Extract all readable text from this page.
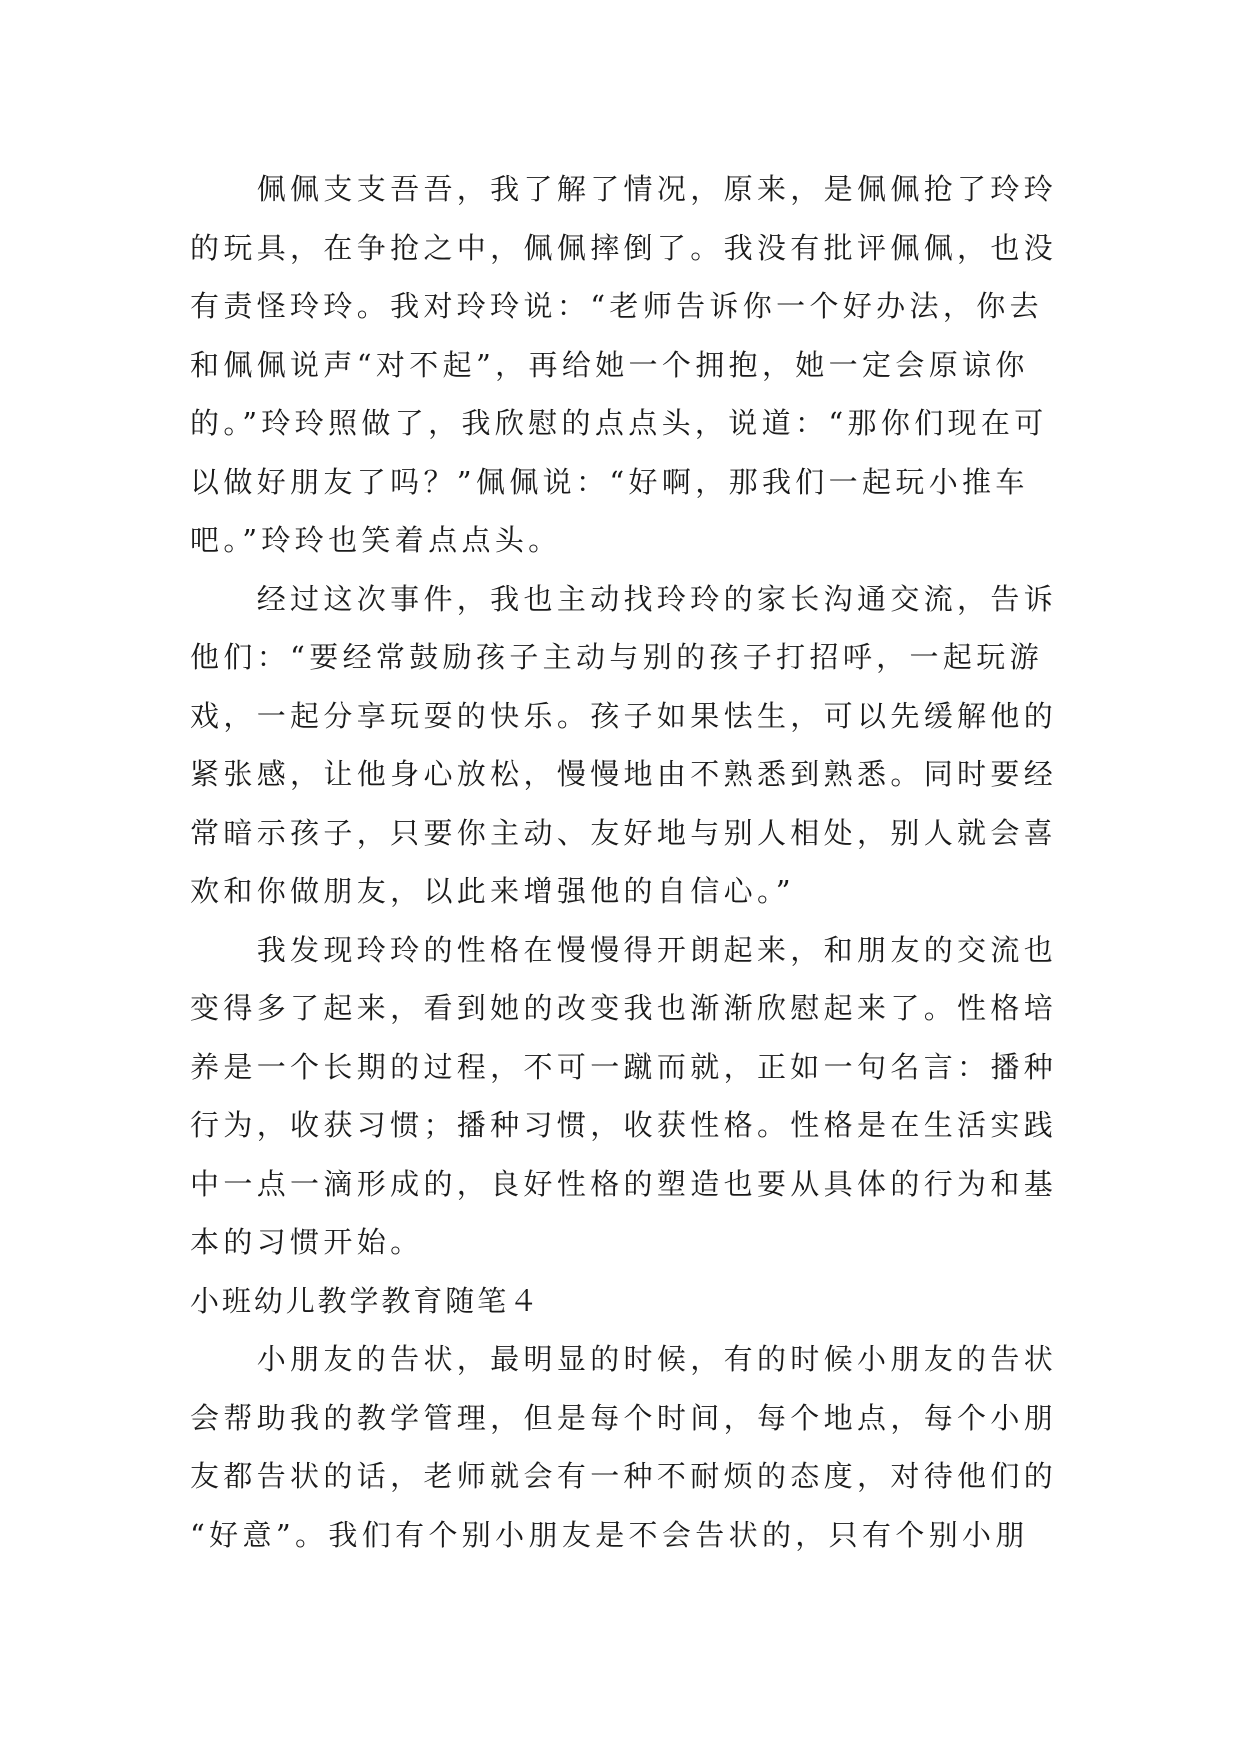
　　佩佩支支吾吾，我了解了情况，原来，是佩佩抢了玲玲
的玩具，在争抢之中，佩佩摔倒了。我没有批评佩佩，也没
有责怪玲玲。我对玲玲说：“老师告诉你一个好办法，你去
和佩佩说声“对不起”，再给她一个拥抱，她一定会原谅你
的。”玲玲照做了，我欣慰的点点头，说道：“那你们现在可
以做好朋友了吗？”佩佩说：“好啊，那我们一起玩小推车
吧。”玲玲也笑着点点头。
　　经过这次事件，我也主动找玲玲的家长沟通交流，告诉
他们：“要经常鼓励孩子主动与别的孩子打招呼，一起玩游
戏，一起分享玩耍的快乐。孩子如果怯生，可以先缓解他的
紧张感，让他身心放松，慢慢地由不熟悉到熟悉。同时要经
常暗示孩子，只要你主动、友好地与别人相处，别人就会喜
欢和你做朋友，以此来增强他的自信心。”
　　我发现玲玲的性格在慢慢得开朗起来，和朋友的交流也
变得多了起来，看到她的改变我也渐渐欣慰起来了。性格培
养是一个长期的过程，不可一蹴而就，正如一句名言：播种
行为，收获习惯；播种习惯，收获性格。性格是在生活实践
中一点一滴形成的，良好性格的塑造也要从具体的行为和基
本的习惯开始。
小班幼儿教学教育随笔４
　　小朋友的告状，最明显的时候，有的时候小朋友的告状
会帮助我的教学管理，但是每个时间，每个地点，每个小朋
友都告状的话，老师就会有一种不耐烦的态度，对待他们的
“好意”。我们有个别小朋友是不会告状的，只有个别小朋
